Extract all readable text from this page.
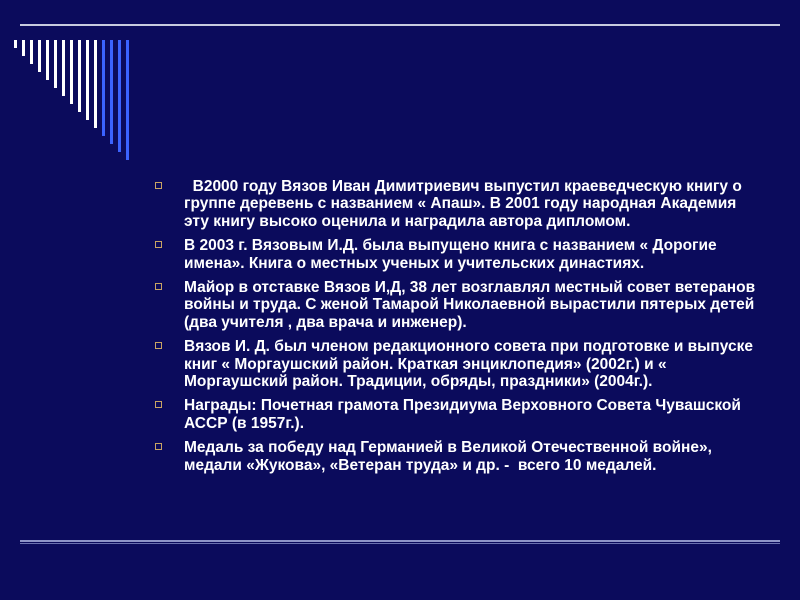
В2000 году Вязов Иван Димитриевич выпустил краеведческую книгу о группе деревень с названием « Апаш». В 2001 году народная Академия эту книгу высоко оценила и наградила автора дипломом.
В 2003 г. Вязовым И.Д. была выпущено книга с названием « Дорогие имена». Книга о местных ученых и учительских династиях.
Майор в отставке Вязов И,Д, 38 лет возглавлял местный совет ветеранов войны и труда. С женой Тамарой Николаевной вырастили пятерых детей (два учителя , два врача и инженер).
Вязов И. Д. был членом редакционного совета при подготовке и выпуске книг « Моргаушский район. Краткая энциклопедия» (2002г.) и « Моргаушский район. Традиции, обряды, праздники» (2004г.).
Награды: Почетная грамота Президиума Верховного Совета Чувашской АССР (в 1957г.).
Медаль за победу над Германией в Великой Отечественной войне», медали «Жукова», «Ветеран труда» и др. -  всего 10 медалей.
